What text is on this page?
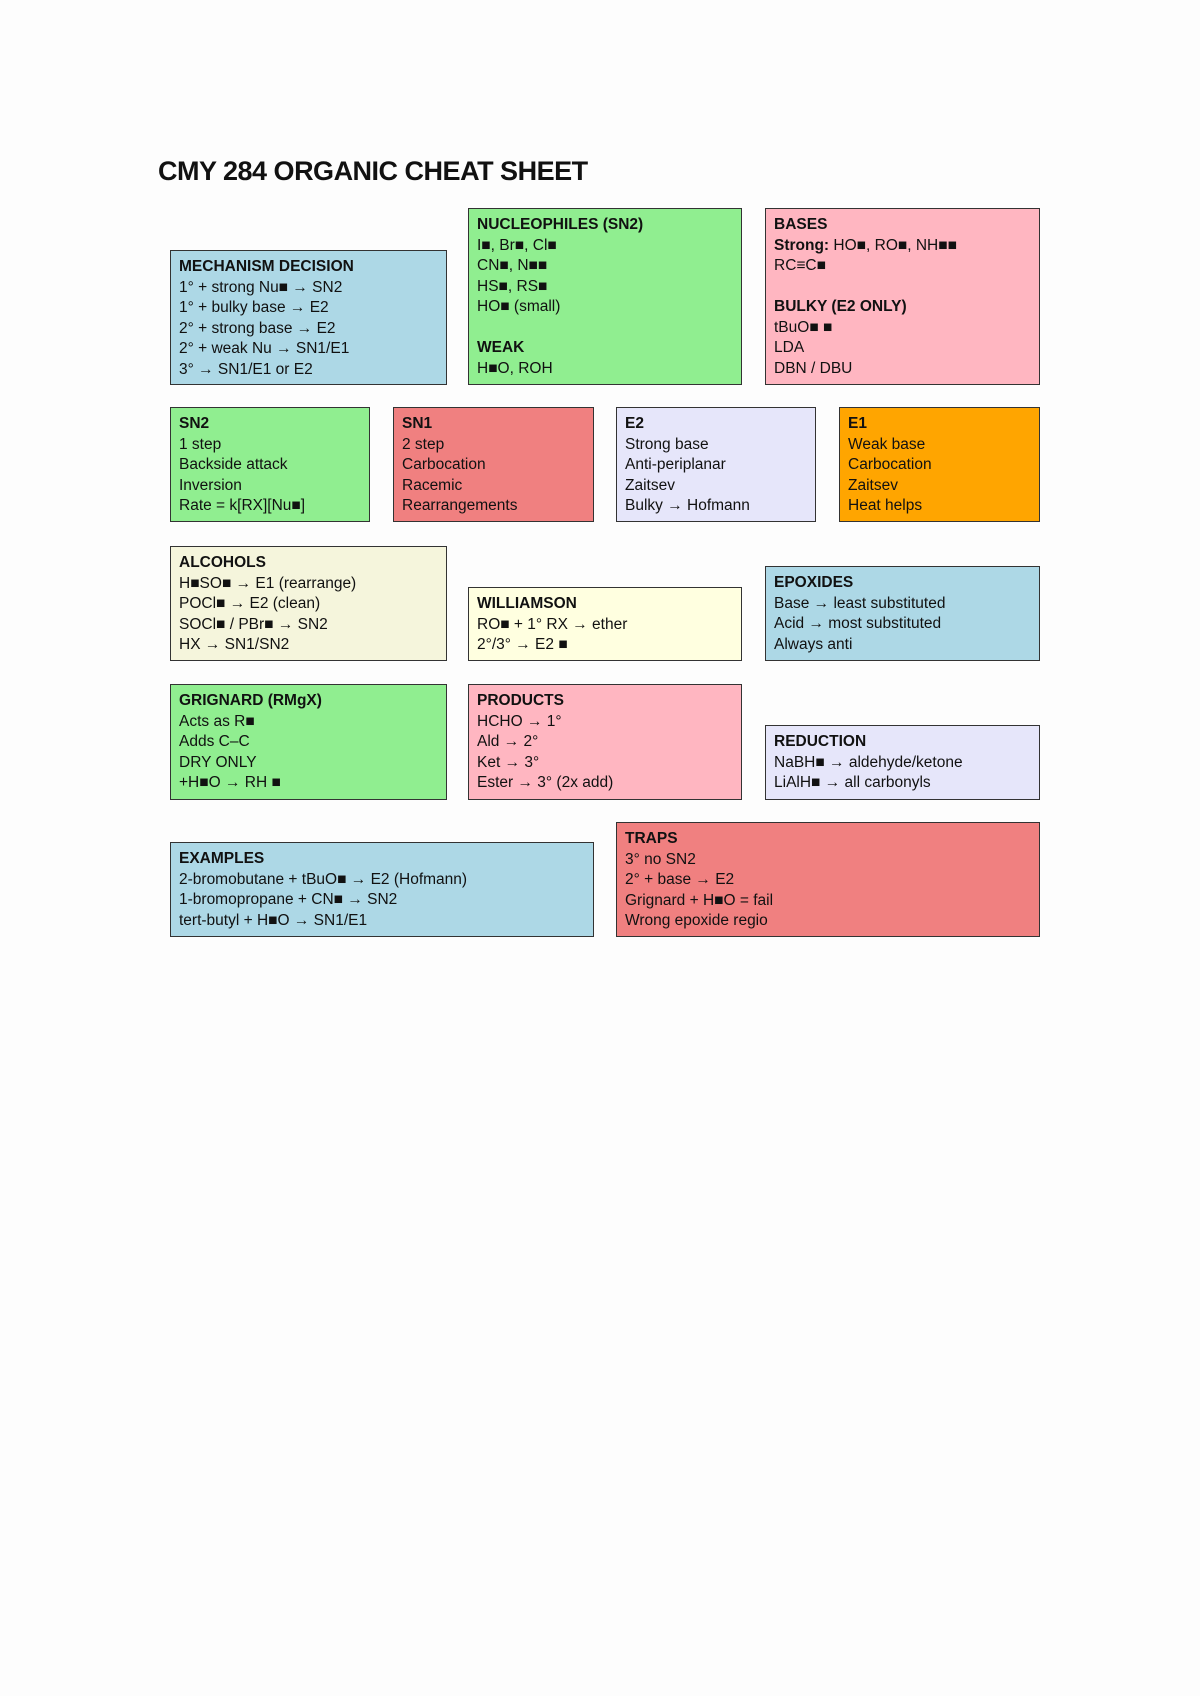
CMY 284 ORGANIC CHEAT SHEET
MECHANISM DECISION
1° + strong Nu■ → SN2
1° + bulky base → E2
2° + strong base → E2
2° + weak Nu → SN1/E1
3° → SN1/E1 or E2
NUCLEOPHILES (SN2)
I■, Br■, Cl■
CN■, N■■
HS■, RS■
HO■ (small)
WEAK
H■O, ROH
BASES
Strong: HO■, RO■, NH■■
RC≡C■
BULKY (E2 ONLY)
tBuO■ ■
LDA
DBN / DBU
SN2
1 step
Backside attack
Inversion
Rate = k[RX][Nu■]
SN1
2 step
Carbocation
Racemic
Rearrangements
E2
Strong base
Anti-periplanar
Zaitsev
Bulky → Hofmann
E1
Weak base
Carbocation
Zaitsev
Heat helps
ALCOHOLS
H■SO■ → E1 (rearrange)
POCl■ → E2 (clean)
SOCl■ / PBr■ → SN2
HX → SN1/SN2
WILLIAMSON
RO■ + 1° RX → ether
2°/3° → E2 ■
EPOXIDES
Base → least substituted
Acid → most substituted
Always anti
GRIGNARD (RMgX)
Acts as R■
Adds C–C
DRY ONLY
+H■O → RH ■
PRODUCTS
HCHO → 1°
Ald → 2°
Ket → 3°
Ester → 3° (2x add)
REDUCTION
NaBH■ → aldehyde/ketone
LiAlH■ → all carbonyls
EXAMPLES
2-bromobutane + tBuO■ → E2 (Hofmann)
1-bromopropane + CN■ → SN2
tert-butyl + H■O → SN1/E1
TRAPS
3° no SN2
2° + base → E2
Grignard + H■O = fail
Wrong epoxide regio
